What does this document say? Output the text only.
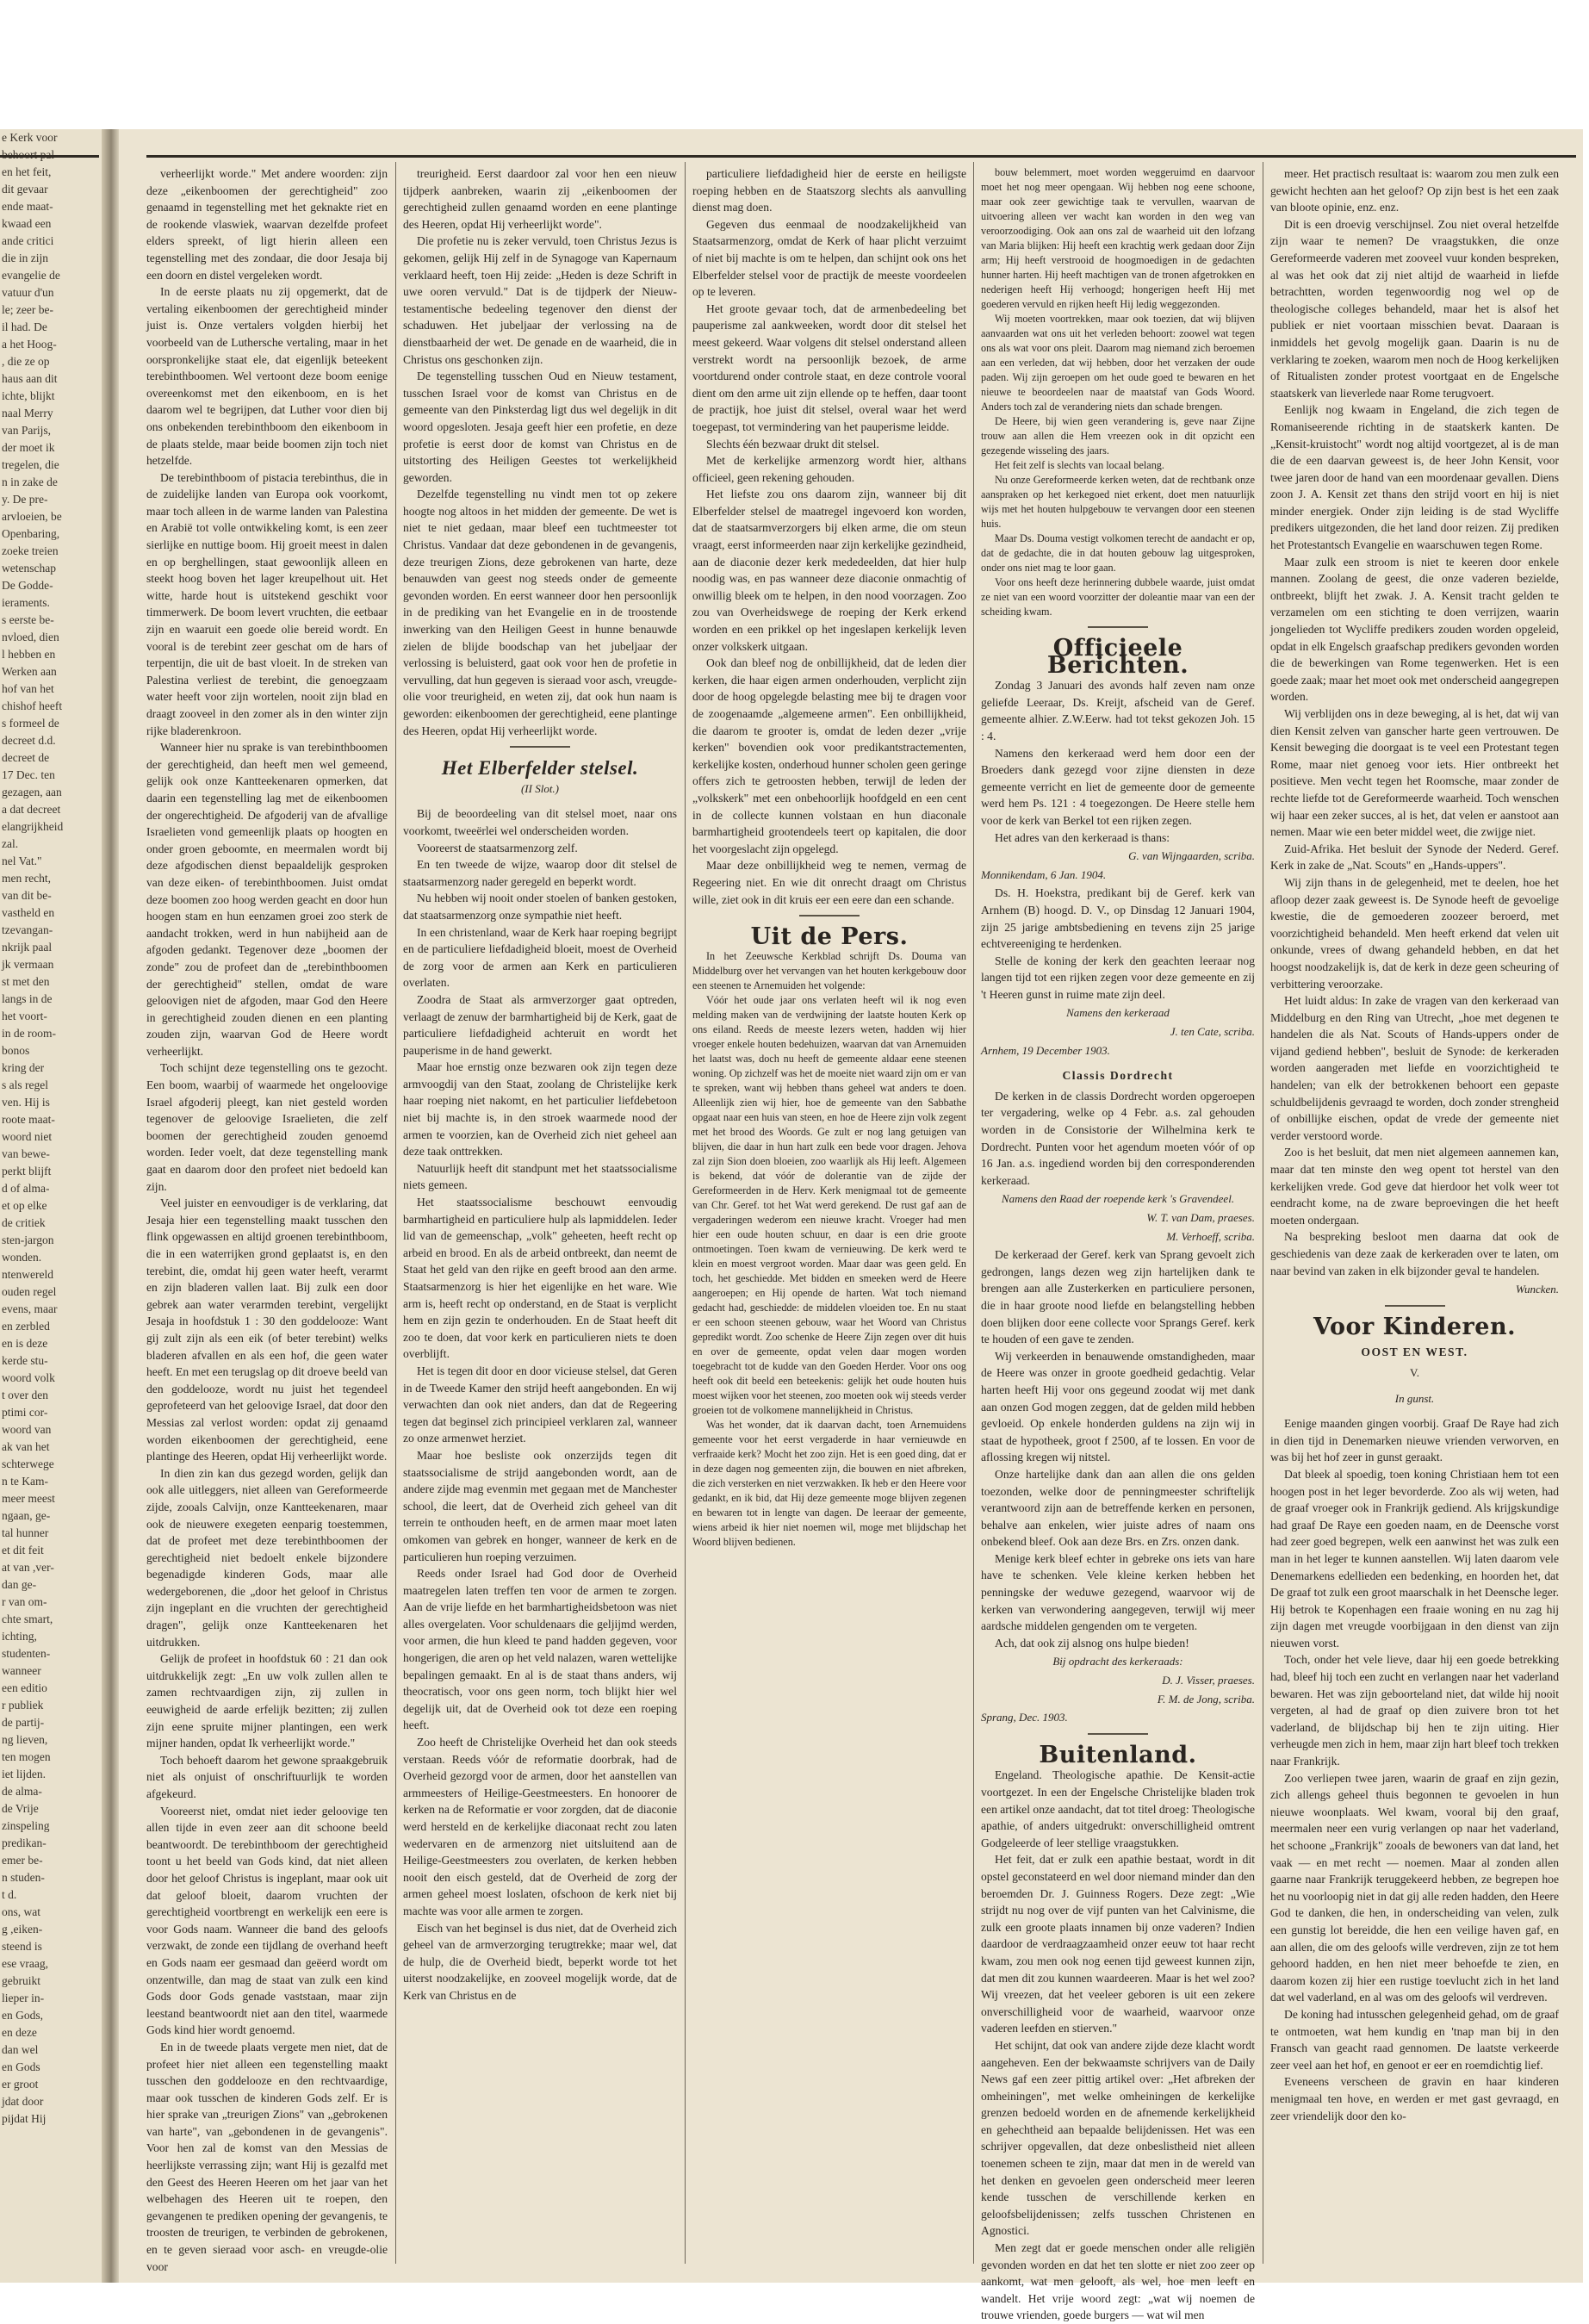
e Kerk voor
en het feit,
dit gevaar
ende maat-
kwaad een
ande critici
die in zijn
evangelie de
vatuur d'un
le; zeer be-
il had. De
a het Hoog-
, die ze op
haus aan dit
ichte, blijkt
naal Merry
van Parijs,
der moet ik
tregelen, die
n in zake de
y. De pre-
arvloeien, be
Openbaring,
zoeke treien
wetenschap
De Godde-
ieraments.
s eerste be-
nvloed, dien
l hebben en
Werken aan
hof van het
chishof heeft
s formeel de
decreet d.d.
decreet de
17 Dec. ten
gezagen, aan
a dat decreet
elangrijkheid
zal.
nel Vat."
men recht,
van dit be-
vastheld en
tzevangan-
nkrijk paal
jk vermaan
st met den
langs in de
het voort-
in de room-
bonos
kring der
s als regel
ven. Hij is
roote maat-
woord niet
van bewe-
perkt blijft
d of alma-
et op elke
de critiek
sten-jargon
wonden.
ntenwereld
ouden regel
evens, maar
en zerbled
en is deze
kerde stu-
woord volk
t over den
ptimi cor-
woord van
ak van het
schterwege
n te Kam-
meer meest
ngaan, ge-
tal hunner
et dit feit
at van ,ver-
dan ge-
r van om-
chte smart,
ichting,
studenten-
wanneer
een editio
r publiek
de partij-
ng lieven,
ten mogen
iet lijden.
de alma-
de Vrije
zinspeling
predikan-
emer be-
n studen-
t d.
ons, wat
g ,eiken-
steend is
ese vraag,
gebruikt
lieper in-
en Gods,
en deze
dan wel
en Gods
er groot
jdat door
pijdat Hij

verheerlijkt worde." Met andere woorden: zijn deze „eikenboomen der gerechtigheid" zoo genaamd in tegenstelling met het geknakte riet en de rookende vlaswiek, waarvan dezelfde profeet elders spreekt, of ligt hierin alleen een tegenstelling met des zondaar, die door Jesaja bij een doorn en distel vergeleken wordt.

In de eerste plaats nu zij opgemerkt, dat de vertaling eikenboomen der gerechtigheid minder juist is. Onze vertalers volgden hierbij het voorbeeld van de Luthersche vertaling, maar in het oorspronkelijke staat ele, dat eigenlijk beteekent terebinthboomen. Wel vertoont deze boom eenige overeenkomst met den eikenboom, en is het daarom wel te begrijpen, dat Luther voor dien bij ons onbekenden terebinthboom den eikenboom in de plaats stelde, maar beide boomen zijn toch niet hetzelfde.

De terebinthboom of pistacia terebinthus, die in de zuidelijke landen van Europa ook voorkomt, maar toch alleen in de warme landen van Palestina en Arabië tot volle ontwikkeling komt, is een zeer sierlijke en nuttige boom. Hij groeit meest in dalen en op berghellingen, staat gewoonlijk alleen en steekt hoog boven het lager kreupelhout uit. Het witte, harde hout is uitstekend geschikt voor timmerwerk. De boom levert vruchten, die eetbaar zijn en waaruit een goede olie bereid wordt. En vooral is de terebint zeer geschat om de hars of terpentijn, die uit de bast vloeit. In de streken van Palestina verliest de terebint, die genoegzaam water heeft voor zijn wortelen, nooit zijn blad en draagt zooveel in den zomer als in den winter zijn rijke bladerenkroon.

Wanneer hier nu sprake is van terebinthboomen der gerechtigheid, dan heeft men wel gemeend, gelijk ook onze Kantteekenaren opmerken, dat daarin een tegenstelling lag met de eikenboomen der ongerechtigheid. De afgoderij van de afvallige Israelieten vond gemeenlijk plaats op hoogten en onder groen geboomte, en meermalen wordt bij deze afgodischen dienst bepaaldelijk gesproken van deze eiken- of terebinthboomen. Juist omdat deze boomen zoo hoog werden geacht en door hun hoogen stam en hun eenzamen groei zoo sterk de aandacht trokken, werd in hun nabijheid aan de afgoden gedankt. Tegenover deze „boomen der zonde" zou de profeet dan de „terebinthboomen der gerechtigheid" stellen, omdat de ware geloovigen niet de afgoden, maar God den Heere in gerechtigheid zouden dienen en een planting zouden zijn, waarvan God de Heere wordt verheerlijkt.

Toch schijnt deze tegenstelling ons te gezocht. Een boom, waarbij of waarmede het ongeloovige Israel afgoderij pleegt, kan niet gesteld worden tegenover de geloovige Israelieten, die zelf boomen der gerechtigheid zouden genoemd worden. Ieder voelt, dat deze tegenstelling mank gaat en daarom door den profeet niet bedoeld kan zijn.

Veel juister en eenvoudiger is de verklaring, dat Jesaja hier een tegenstelling maakt tusschen den flink opgewassen en altijd groenen terebinthboom, die in een waterrijken grond geplaatst is, en den terebint, die, omdat hij geen water heeft, verarmt en zijn bladeren vallen laat. Bij zulk een door gebrek aan water verarmden terebint, vergelijkt Jesaja in hoofdstuk 1 : 30 den goddelooze: Want gij zult zijn als een eik (of beter terebint) welks bladeren afvallen en als een hof, die geen water heeft. En met een terugslag op dit droeve beeld van den goddelooze, wordt nu juist het tegendeel geprofeteerd van het geloovige Israel, dat door den Messias zal verlost worden: opdat zij genaamd worden eikenboomen der gerechtigheid, eene plantinge des Heeren, opdat Hij verheerlijkt worde.

In dien zin kan dus gezegd worden, gelijk dan ook alle uitleggers, niet alleen van Gereformeerde zijde, zooals Calvijn, onze Kantteekenaren, maar ook de nieuwere exegeten eenparig toestemmen, dat de profeet met deze terebinthboomen der gerechtigheid niet bedoelt enkele bijzondere begenadigde kinderen Gods, maar alle wedergeborenen, die „door het geloof in Christus zijn ingeplant en die vruchten der gerechtigheid dragen", gelijk onze Kantteekenaren het uitdrukken.

Gelijk de profeet in hoofdstuk 60 : 21 dan ook uitdrukkelijk zegt: „En uw volk zullen allen te zamen rechtvaardigen zijn, zij zullen in eeuwigheid de aarde erfelijk bezitten; zij zullen zijn eene spruite mijner plantingen, een werk mijner handen, opdat Ik verheerlijkt worde."

Toch behoeft daarom het gewone spraakgebruik niet als onjuist of onschriftuurlijk te worden afgekeurd.

Vooreerst niet, omdat niet ieder geloovige ten allen tijde in even zeer aan dit schoone beeld beantwoordt. De terebinthboom der gerechtigheid toont u het beeld van Gods kind, dat niet alleen door het geloof Christus is ingeplant, maar ook uit dat geloof bloeit, daarom vruchten der gerechtigheid voortbrengt en werkelijk een eere is voor Gods naam. Wanneer die band des geloofs verzwakt, de zonde een tijdlang de overhand heeft en Gods naam eer gesmaad dan geëerd wordt om onzentwille, dan mag de staat van zulk een kind Gods door Gods genade vaststaan, maar zijn leestand beantwoordt niet aan den titel, waarmede Gods kind hier wordt genoemd.

En in de tweede plaats vergete men niet, dat de profeet hier niet alleen een tegenstelling maakt tusschen den goddelooze en den rechtvaardige, maar ook tusschen de kinderen Gods zelf. Er is hier sprake van „treurigen Zions" van „gebrokenen van harte", van „gebondenen in de gevangenis". Voor hen zal de komst van den Messias de heerlijkste verrassing zijn; want Hij is gezalfd met den Geest des Heeren Heeren om het jaar van het welbehagen des Heeren uit te roepen, den gevangenen te prediken opening der gevangenis, te troosten de treurigen, te verbinden de gebrokenen, en te geven sieraad voor asch- en vreugde-olie voor

treurigheid. Eerst daardoor zal voor hen een nieuw tijdperk aanbreken, waarin zij „eikenboomen der gerechtigheid zullen genaamd worden en eene plantinge des Heeren, opdat Hij verheerlijkt worde".

Die profetie nu is zeker vervuld, toen Christus Jezus is gekomen, gelijk Hij zelf in de Synagoge van Kapernaum verklaard heeft, toen Hij zeide: „Heden is deze Schrift in uwe ooren vervuld." Dat is de tijdperk der Nieuw-testamentische bedeeling tegenover den dienst der schaduwen. Het jubeljaar der verlossing na de dienstbaarheid der wet. De genade en de waarheid, die in Christus ons geschonken zijn.

De tegenstelling tusschen Oud en Nieuw testament, tusschen Israel voor de komst van Christus en de gemeente van den Pinksterdag ligt dus wel degelijk in dit woord opgesloten. Jesaja geeft hier een profetie, en deze profetie is eerst door de komst van Christus en de uitstorting des Heiligen Geestes tot werkelijkheid geworden.

Dezelfde tegenstelling nu vindt men tot op zekere hoogte nog altoos in het midden der gemeente. De wet is niet te niet gedaan, maar bleef een tuchtmeester tot Christus. Vandaar dat deze gebondenen in de gevangenis, deze treurigen Zions, deze gebrokenen van harte, deze benauwden van geest nog steeds onder de gemeente gevonden worden. En eerst wanneer door hen persoonlijk in de prediking van het Evangelie en in de troostende inwerking van den Heiligen Geest in hunne benauwde zielen de blijde boodschap van het jubeljaar der verlossing is beluisterd, gaat ook voor hen de profetie in vervulling, dat hun gegeven is sieraad voor asch, vreugde-olie voor treurigheid, en weten zij, dat ook hun naam is geworden: eikenboomen der gerechtigheid, eene plantinge des Heeren, opdat Hij verheerlijkt worde.

Het Elberfelder stelsel.
(II Slot.)

Bij de beoordeeling van dit stelsel moet, naar ons voorkomt, tweeërlei wel onderscheiden worden.

Vooreerst de staatsarmenzorg zelf.

En ten tweede de wijze, waarop door dit stelsel de staatsarmenzorg nader geregeld en beperkt wordt.

Nu hebben wij nooit onder stoelen of banken gestoken, dat staatsarmenzorg onze sympathie niet heeft.

In een christenland, waar de Kerk haar roeping begrijpt en de particuliere liefdadigheid bloeit, moest de Overheid de zorg voor de armen aan Kerk en particulieren overlaten.

Zoodra de Staat als armverzorger gaat optreden, verlaagt de zenuw der barmhartigheid bij de Kerk, gaat de particuliere liefdadigheid achteruit en wordt het pauperisme in de hand gewerkt.

Maar hoe ernstig onze bezwaren ook zijn tegen deze armvoogdij van den Staat, zoolang de Christelijke kerk haar roeping niet nakomt, en het particulier liefdebetoon niet bij machte is, in den stroek waarmede nood der armen te voorzien, kan de Overheid zich niet geheel aan deze taak onttrekken.

Natuurlijk heeft dit standpunt met het staatssocialisme niets gemeen.

Het staatssocialisme beschouwt eenvoudig barmhartigheid en particuliere hulp als lapmiddelen. Ieder lid van de gemeenschap, „volk" geheeten, heeft recht op arbeid en brood. En als de arbeid ontbreekt, dan neemt de Staat het geld van den rijke en geeft brood aan den arme. Staatsarmenzorg is hier het eigenlijke en het ware. Wie arm is, heeft recht op onderstand, en de Staat is verplicht hem en zijn gezin te onderhouden. En de Staat heeft dit zoo te doen, dat voor kerk en particulieren niets te doen overblijft.

Het is tegen dit door en door vicieuse stelsel, dat Geren in de Tweede Kamer den strijd heeft aangebonden. En wij verwachten dan ook niet anders, dan dat de Regeering tegen dat beginsel zich principieel verklaren zal, wanneer zo onze armenwet herziet.

Maar hoe besliste ook onzerzijds tegen dit staatssocialisme de strijd aangebonden wordt, aan de andere zijde mag evenmin met gegaan met de Manchester school, die leert, dat de Overheid zich geheel van dit terrein te onthouden heeft, en de armen maar moet laten omkomen van gebrek en honger, wanneer de kerk en de particulieren hun roeping verzuimen.

Reeds onder Israel had God door de Overheid maatregelen laten treffen ten voor de armen te zorgen. Aan de vrije liefde en het barmhartigheidsbetoon was niet alles overgelaten. Voor schuldenaars die geljijmd werden, voor armen, die hun kleed te pand hadden gegeven, voor hongerigen, die aren op het veld nalazen, waren wettelijke bepalingen gemaakt. En al is de staat thans anders, wij theocratisch, voor ons geen norm, toch blijkt hier wel degelijk uit, dat de Overheid ook tot deze een roeping heeft.

Zoo heeft de Christelijke Overheid het dan ook steeds verstaan. Reeds vóór de reformatie doorbrak, had de Overheid gezorgd voor de armen, door het aanstellen van armmeesters of Heilige-Geestmeesters. En honoorer de kerken na de Reformatie er voor zorgden, dat de diaconie werd hersteld en de kerkelijke diaconaat recht zou laten wedervaren en de armenzorg niet uitsluitend aan de Heilige-Geestmeesters zou overlaten, de kerken hebben nooit den eisch gesteld, dat de Overheid de zorg der armen geheel moest loslaten, ofschoon de kerk niet bij machte was voor alle armen te zorgen.

Eisch van het beginsel is dus niet, dat de Overheid zich geheel van de armverzorging terugtrekke; maar wel, dat de hulp, die de Overheid biedt, beperkt worde tot het uiterst noodzakelijke, en zooveel mogelijk worde, dat de Kerk van Christus en de

particuliere liefdadigheid hier de eerste en heiligste roeping hebben en de Staatszorg slechts als aanvulling dienst mag doen.

Gegeven dus eenmaal de noodzakelijkheid van Staatsarmenzorg, omdat de Kerk of haar plicht verzuimt of niet bij machte is om te helpen, dan schijnt ook ons het Elberfelder stelsel voor de practijk de meeste voordeelen op te leveren.

Het groote gevaar toch, dat de armenbedeeling bet pauperisme zal aankweeken, wordt door dit stelsel het meest gekeerd. Waar volgens dit stelsel onderstand alleen verstrekt wordt na persoonlijk bezoek, de arme voortdurend onder controle staat, en deze controle vooral dient om den arme uit zijn ellende op te heffen, daar toont de practijk, hoe juist dit stelsel, overal waar het werd toegepast, tot vermindering van het pauperisme leidde.

Slechts één bezwaar drukt dit stelsel.

Met de kerkelijke armenzorg wordt hier, althans officieel, geen rekening gehouden.

Het liefste zou ons daarom zijn, wanneer bij dit Elberfelder stelsel de maatregel ingevoerd kon worden, dat de staatsarmverzorgers bij elken arme, die om steun vraagt, eerst informeerden naar zijn kerkelijke gezindheid, aan de diaconie dezer kerk mededeelden, dat hier hulp noodig was, en pas wanneer deze diaconie onmachtig of onwillig bleek om te helpen, in den nood voorzagen. Zoo zou van Overheidswege de roeping der Kerk erkend worden en een prikkel op het ingeslapen kerkelijk leven onzer volkskerk uitgaan.

Ook dan bleef nog de onbillijkheid, dat de leden dier kerken, die haar eigen armen onderhouden, verplicht zijn door de hoog opgelegde belasting mee bij te dragen voor de zoogenaamde „algemeene armen". Een onbillijkheid, die daarom te grooter is, omdat de leden dezer „vrije kerken" bovendien ook voor predikantstractementen, kerkelijke kosten, onderhoud hunner scholen geen geringe offers zich te getroosten hebben, terwijl de leden der „volkskerk" met een onbehoorlijk hoofdgeld en een cent in de collecte kunnen volstaan en hun diaconale barmhartigheid grootendeels teert op kapitalen, die door het voorgeslacht zijn opgelegd.

Maar deze onbillijkheid weg te nemen, vermag de Regeering niet. En wie dit onrecht draagt om Christus wille, ziet ook in dit kruis eer een eere dan een schande.

Uit de Pers.

In het Zeeuwsche Kerkblad schrijft Ds. Douma van Middelburg over het vervangen van het houten kerkgebouw door een steenen te Arnemuiden het volgende:

Vóór het oude jaar ons verlaten heeft wil ik nog even melding maken van de verdwijning der laatste houten Kerk op ons eiland. Reeds de meeste lezers weten, hadden wij hier vroeger enkele houten bedehuizen, waarvan dat van Arnemuiden het laatst was, doch nu heeft de gemeente aldaar eene steenen woning. Op zichzelf was het de moeite niet waard zijn om er van te spreken, want wij hebben thans geheel wat anders te doen. Alleenlijk zien wij hier, hoe de gemeente van den Sabbathe opgaat naar een huis van steen, en hoe de Heere zijn volk zegent met het brood des Woords. Ge zult er nog lang getuigen van blijven, die daar in hun hart zulk een bede voor dragen. Jehova zal zijn Sion doen bloeien, zoo waarlijk als Hij leeft. Algemeen is bekend, dat vóór de dolerantie van de zijde der Gereformeerden in de Herv. Kerk menigmaal tot de gemeente van Chr. Geref. tot het Wat werd gerekend. De rust gaf aan de vergaderingen wederom een nieuwe kracht. Vroeger had men hier een oude houten schuur, en daar is een drie groote ontmoetingen. Toen kwam de vernieuwing. De kerk werd te klein en moest vergroot worden. Maar daar was geen geld. En toch, het geschiedde. Met bidden en smeeken werd de Heere aangeroepen; en Hij opende de harten. Wat toch niemand gedacht had, geschiedde: de middelen vloeiden toe. En nu staat er een schoon steenen gebouw, waar het Woord van Christus gepredikt wordt. Zoo schenke de Heere Zijn zegen over dit huis en over de gemeente, opdat velen daar mogen worden toegebracht tot de kudde van den Goeden Herder. Voor ons oog heeft ook dit beeld een beteekenis: gelijk het oude houten huis moest wijken voor het steenen, zoo moeten ook wij steeds verder groeien tot de volkomene mannelijkheid in Christus.

Was het wonder, dat ik daarvan dacht, toen Arnemuidens gemeente voor het eerst vergaderde in haar vernieuwde en verfraaide kerk? Mocht het zoo zijn. Het is een goed ding, dat er in deze dagen nog gemeenten zijn, die bouwen en niet afbreken, die zich versterken en niet verzwakken. Ik heb er den Heere voor gedankt, en ik bid, dat Hij deze gemeente moge blijven zegenen en bewaren tot in lengte van dagen. De leeraar der gemeente, wiens arbeid ik hier niet noemen wil, moge met blijdschap het Woord blijven bedienen.

bouw belemmert, moet worden weggeruimd en daarvoor moet het nog meer opengaan. Wij hebben nog eene schoone, maar ook zeer gewichtige taak te vervullen, waarvan de uitvoering alleen ver wacht kan worden in den weg van veroorzoodiging. Ook aan ons zal de waarheid uit den lofzang van Maria blijken: Hij heeft een krachtig werk gedaan door Zijn arm; Hij heeft verstrooid de hoogmoedigen in de gedachten hunner harten. Hij heeft machtigen van de tronen afgetrokken en nederigen heeft Hij verhoogd; hongerigen heeft Hij met goederen vervuld en rijken heeft Hij ledig weggezonden.

Wij moeten voortrekken, maar ook toezien, dat wij blijven aanvaarden wat ons uit het verleden behoort: zoowel wat tegen ons als wat voor ons pleit. Daarom mag niemand zich beroemen aan een verleden, dat wij hebben, door het verzaken der oude paden. Wij zijn geroepen om het oude goed te bewaren en het nieuwe te beoordeelen naar de maatstaf van Gods Woord. Anders toch zal de verandering niets dan schade brengen.

De Heere, bij wien geen verandering is, geve naar Zijne trouw aan allen die Hem vreezen ook in dit opzicht een gezegende wisseling des jaars.

Het feit zelf is slechts van locaal belang.

Nu onze Gereformeerde kerken weten, dat de rechtbank onze aanspraken op het kerkegoed niet erkent, doet men natuurlijk wijs met het houten hulpgebouw te vervangen door een steenen huis.

Maar Ds. Douma vestigt volkomen terecht de aandacht er op, dat de gedachte, die in dat houten gebouw lag uitgesproken, onder ons niet mag te loor gaan.

Voor ons heeft deze herinnering dubbele waarde, juist omdat ze niet van een woord voorzitter der doleantie maar van een der scheiding kwam.

Officieele Berichten.

Zondag 3 Januari des avonds half zeven nam onze geliefde Leeraar, Ds. Kreijt, afscheid van de Geref. gemeente alhier. Z.W.Eerw. had tot tekst gekozen Joh. 15 : 4.

Namens den kerkeraad werd hem door een der Broeders dank gezegd voor zijne diensten in deze gemeente verricht en liet de gemeente door de gemeente werd hem Ps. 121 : 4 toegezongen. De Heere stelle hem voor de kerk van Berkel tot een rijken zegen.

Het adres van den kerkeraad is thans:

G. van Wijngaarden, scriba.
Monnikendam, 6 Jan. 1904.

Ds. H. Hoekstra, predikant bij de Geref. kerk van Arnhem (B) hoogd. D. V., op Dinsdag 12 Januari 1904, zijn 25 jarige ambtsbediening en tevens zijn 25 jarige echtvereeniging te herdenken.

Stelle de koning der kerk den geachten leeraar nog langen tijd tot een rijken zegen voor deze gemeente en zij 't Heeren gunst in ruime mate zijn deel.

Namens den kerkeraad
J. ten Cate, scriba.
Arnhem, 19 December 1903.
Classis Dordrecht

De kerken in de classis Dordrecht worden opgeroepen ter vergadering, welke op 4 Febr. a.s. zal gehouden worden in de Consistorie der Wilhelmina kerk te Dordrecht. Punten voor het agendum moeten vóór of op 16 Jan. a.s. ingediend worden bij den corresponderenden kerkeraad.

Namens den Raad der roepende kerk 's Gravendeel.
W. T. van Dam, praeses.
M. Verhoeff, scriba.

De kerkeraad der Geref. kerk van Sprang gevoelt zich gedrongen, langs dezen weg zijn hartelijken dank te brengen aan alle Zusterkerken en particuliere personen, die in haar groote nood liefde en belangstelling hebben doen blijken door eene collecte voor Sprangs Geref. kerk te houden of een gave te zenden.

Wij verkeerden in benauwende omstandigheden, maar de Heere was onzer in groote goedheid gedachtig. Velar harten heeft Hij voor ons gegeund zoodat wij met dank aan onzen God mogen zeggen, dat de gelden mild hebben gevloeid. Op enkele honderden guldens na zijn wij in staat de hypotheek, groot f 2500, af te lossen. En voor de aflossing kregen wij nitstel.

Onze hartelijke dank dan aan allen die ons gelden toezonden, welke door de penningmeester schriftelijk verantwoord zijn aan de betreffende kerken en personen, behalve aan enkelen, wier juiste adres of naam ons onbekend bleef. Ook aan deze Brs. en Zrs. onzen dank.

Menige kerk bleef echter in gebreke ons iets van hare have te schenken. Vele kleine kerken hebben het penningske der weduwe gezegend, waarvoor wij de kerken van verwondering aangegeven, terwijl wij meer aardsche middelen gengenden om te vergeten.

Ach, dat ook zij alsnog ons hulpe bieden!

Bij opdracht des kerkeraads:
D. J. Visser, praeses.
F. M. de Jong, scriba.
Sprang, Dec. 1903.
Buitenland.

Engeland. Theologische apathie. De Kensit-actie voortgezet. In een der Engelsche Christelijke bladen trok een artikel onze aandacht, dat tot titel droeg: Theologische apathie, of anders uitgedrukt: onverschilligheid omtrent Godgeleerde of leer stellige vraagstukken.

Het feit, dat er zulk een apathie bestaat, wordt in dit opstel geconstateerd en wel door niemand minder dan den beroemden Dr. J. Guinness Rogers. Deze zegt: „Wie strijdt nu nog over de vijf punten van het Calvinisme, die zulk een groote plaats innamen bij onze vaderen? Indien daardoor de verdraagzaamheid onzer eeuw tot haar recht kwam, zou men ook nog eenen tijd geweest kunnen zijn, dat men dit zou kunnen waardeeren. Maar is het wel zoo? Wij vreezen, dat het veeleer geboren is uit een zekere onverschilligheid voor de waarheid, waarvoor onze vaderen leefden en stierven."

Het schijnt, dat ook van andere zijde deze klacht wordt aangeheven. Een der bekwaamste schrijvers van de Daily News gaf een zeer pittig artikel over: „Het afbreken der omheiningen", met welke omheiningen de kerkelijke grenzen bedoeld worden en de afnemende kerkelijkheid en gehechtheid aan bepaalde belijdenissen. Het was een schrijver opgevallen, dat deze onbeslistheid niet alleen toenemen scheen te zijn, maar dat men in de wereld van het denken en gevoelen geen onderscheid meer leeren kende tusschen de verschillende kerken en geloofsbelijdenissen; zelfs tusschen Christenen en Agnostici.

Men zegt dat er goede menschen onder alle religiën gevonden worden en dat het ten slotte er niet zoo zeer op aankomt, wat men gelooft, als wel, hoe men leeft en wandelt. Het vrije woord zegt: „wat wij noemen de trouwe vrienden, goede burgers — wat wil men

meer. Het practisch resultaat is: waarom zou men zulk een gewicht hechten aan het geloof? Op zijn best is het een zaak van bloote opinie, enz. enz.

Dit is een droevig verschijnsel. Zou niet overal hetzelfde zijn waar te nemen? De vraagstukken, die onze Gereformeerde vaderen met zooveel vuur konden bespreken, al was het ook dat zij niet altijd de waarheid in liefde betrachtten, worden tegenwoordig nog wel op de theologische colleges behandeld, maar het is alsof het publiek er niet voortaan misschien bevat. Daaraan is inmiddels het gevolg mogelijk gaan. Daarin is nu de verklaring te zoeken, waarom men noch de Hoog kerkelijken of Ritualisten zonder protest voortgaat en de Engelsche staatskerk van lieverlede naar Rome terugvoert.

Eenlijk nog kwaam in Engeland, die zich tegen de Romaniseerende richting in de staatskerk kanten. De „Kensit-kruistocht" wordt nog altijd voortgezet, al is de man die de een daarvan geweest is, de heer John Kensit, voor twee jaren door de hand van een moordenaar gevallen. Diens zoon J. A. Kensit zet thans den strijd voort en hij is niet minder energiek. Onder zijn leiding is de stad Wycliffe predikers uitgezonden, die het land door reizen. Zij prediken het Protestantsch Evangelie en waarschuwen tegen Rome.

Maar zulk een stroom is niet te keeren door enkele mannen. Zoolang de geest, die onze vaderen bezielde, ontbreekt, blijft het zwak. J. A. Kensit tracht gelden te verzamelen om een stichting te doen verrijzen, waarin jongelieden tot Wycliffe predikers zouden worden opgeleid, opdat in elk Engelsch graafschap predikers gevonden worden die de bewerkingen van Rome tegenwerken. Het is een goede zaak; maar het moet ook met onderscheid aangegrepen worden.

Wij verblijden ons in deze beweging, al is het, dat wij van dien Kensit zelven van ganscher harte geen vertrouwen. De Kensit beweging die doorgaat is te veel een Protestant tegen Rome, maar niet genoeg voor iets. Hier ontbreekt het positieve. Men vecht tegen het Roomsche, maar zonder de rechte liefde tot de Gereformeerde waarheid. Toch wenschen wij haar een zeker succes, al is het, dat velen er aanstoot aan nemen. Maar wie een beter middel weet, die zwijge niet.

Zuid-Afrika. Het besluit der Synode der Nederd. Geref. Kerk in zake de „Nat. Scouts" en „Hands-uppers".

Wij zijn thans in de gelegenheid, met te deelen, hoe het afloop dezer zaak geweest is. De Synode heeft de gevoelige kwestie, die de gemoederen zoozeer beroerd, met voorzichtigheid behandeld. Men heeft erkend dat velen uit onkunde, vrees of dwang gehandeld hebben, en dat het hoogst noodzakelijk is, dat de kerk in deze geen scheuring of verbittering veroorzake.

Het luidt aldus: In zake de vragen van den kerkeraad van Middelburg en den Ring van Utrecht, „hoe met degenen te handelen die als Nat. Scouts of Hands-uppers onder de vijand gediend hebben", besluit de Synode: de kerkeraden worden aangeraden met liefde en voorzichtigheid te handelen; van elk der betrokkenen behoort een gepaste schuldbelijdenis gevraagd te worden, doch zonder strengheid of onbillijke eischen, opdat de vrede der gemeente niet verder verstoord worde.

Zoo is het besluit, dat men niet algemeen aannemen kan, maar dat ten minste den weg opent tot herstel van den kerkelijken vrede. God geve dat hierdoor het volk weer tot eendracht kome, na de zware beproevingen die het heeft moeten ondergaan.

Na bespreking besloot men daarna dat ook de geschiedenis van deze zaak de kerkeraden over te laten, om naar bevind van zaken in elk bijzonder geval te handelen.

Wuncken.
Voor Kinderen.
OOST EN WEST.
V.
In gunst.

Eenige maanden gingen voorbij. Graaf De Raye had zich in dien tijd in Denemarken nieuwe vrienden verworven, en was bij het hof zeer in gunst geraakt.

Dat bleek al spoedig, toen koning Christiaan hem tot een hoogen post in het leger bevorderde. Zoo als wij weten, had de graaf vroeger ook in Frankrijk gediend. Als krijgskundige had graaf De Raye een goeden naam, en de Deensche vorst had zeer goed begrepen, welk een aanwinst het was zulk een man in het leger te kunnen aanstellen. Wij laten daarom vele Denemarkens edellieden een bedenking, en hoorden het, dat De graaf tot zulk een groot maarschalk in het Deensche leger. Hij betrok te Kopenhagen een fraaie woning en nu zag hij zijn dagen met vreugde voorbijgaan in den dienst van zijn nieuwen vorst.

Toch, onder het vele lieve, daar hij een goede betrekking had, bleef hij toch een zucht en verlangen naar het vaderland bewaren. Het was zijn geboorteland niet, dat wilde hij nooit vergeten, al had de graaf op dien zuivere bron tot het vaderland, de blijdschap bij hen te zijn uiting. Hier verheugde men zich in hem, maar zijn hart bleef toch trekken naar Frankrijk.

Zoo verliepen twee jaren, waarin de graaf en zijn gezin, zich allengs geheel thuis begonnen te gevoelen in hun nieuwe woonplaats. Wel kwam, vooral bij den graaf, meermalen neer een vurig verlangen op naar het vaderland, het schoone „Frankrijk" zooals de bewoners van dat land, het vaak — en met recht — noemen. Maar al zonden allen gaarne naar Frankrijk teruggekeerd hebben, ze begrepen hoe het nu voorloopig niet in dat gij alle reden hadden, den Heere God te danken, die hen, in onderscheiding van velen, zulk een gunstig lot bereidde, die hen een veilige haven gaf, en aan allen, die om des geloofs wille verdreven, zijn ze tot hem gehoord hadden, en hen niet meer behoefde te zien, en daarom kozen zij hier een rustige toevlucht zich in het land dat wel vaderland, en al was om des geloofs wil verdreven.

De koning had intusschen gelegenheid gehad, om de graaf te ontmoeten, wat hem kundig en 'tnap man bij in den Fransch van geacht raad gennomen. De laatste verkeerde zeer veel aan het hof, en genoot er eer en roemdichtig lief.

Eveneens verscheen de gravin en haar kinderen menigmaal ten hove, en werden er met gast gevraagd, en zeer vriendelijk door den ko-
